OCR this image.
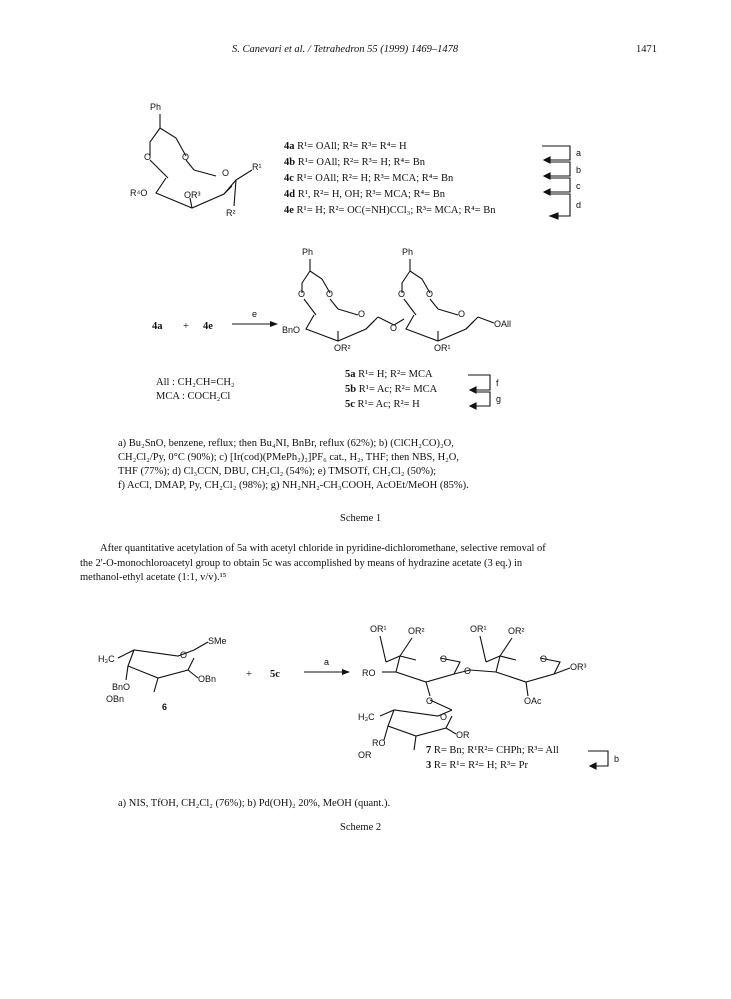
S. Canevari et al. / Tetrahedron 55 (1999) 1469–1478	1471
Ph
O	O
O
R⁴O	OR³
R¹
R²
4a R¹= OAll; R²= R³= R⁴= H
4b R¹= OAll; R²= R³= H; R⁴= Bn
4c R¹= OAll; R²= H; R³= MCA; R⁴= Bn
4d R¹, R²= H, OH; R³= MCA; R⁴= Bn
4e R¹= H; R²= OC(=NH)CCl₃; R³= MCA; R⁴= Bn
a
b
c
d
4a + 4e
e
Ph	Ph
O O
O
O O
O
O
BnO
OR²	OR¹
OAll
All : CH₂CH=CH₂
MCA : COCH₂Cl
5a R¹= H; R²= MCA
5b R¹= Ac; R²= MCA
5c R¹= Ac; R²= H
f
g
a) Bu₂SnO, benzene, reflux; then Bu₄NI, BnBr, reflux (62%); b) (ClCH₂CO)₂O,
CH₂Cl₂/Py, 0°C (90%); c) [Ir(cod)(PMePh₂)₂]PF₆ cat., H₂, THF; then NBS, H₂O,
THF (77%); d) Cl₃CCN, DBU, CH₂Cl₂ (54%); e) TMSOTf, CH₂Cl₂ (50%);
f) AcCl, DMAP, Py, CH₂Cl₂ (98%); g) NH₂NH₂-CH₃COOH, AcOEt/MeOH (85%).
Scheme 1
After quantitative acetylation of 5a with acetyl chloride in pyridine-dichloromethane, selective removal of
the 2'-O-monochloroacetyl group to obtain 5c was accomplished by means of hydrazine acetate (3 eq.) in
methanol-ethyl acetate (1:1, v/v).¹⁵
H₃C	O
SMe
OBn
BnO
OBn
6
+ 5c
a
OR¹ OR²	OR¹ OR²
O	O
O
O
O
RO
OR³
OAc
H₃C
OR
RO
OR	7 R= Bn; R¹R²= CHPh; R³= All
3 R= R¹= R²= H; R³= Pr
b
a) NIS, TfOH, CH₂Cl₂ (76%); b) Pd(OH)₂ 20%, MeOH (quant.).
Scheme 2
